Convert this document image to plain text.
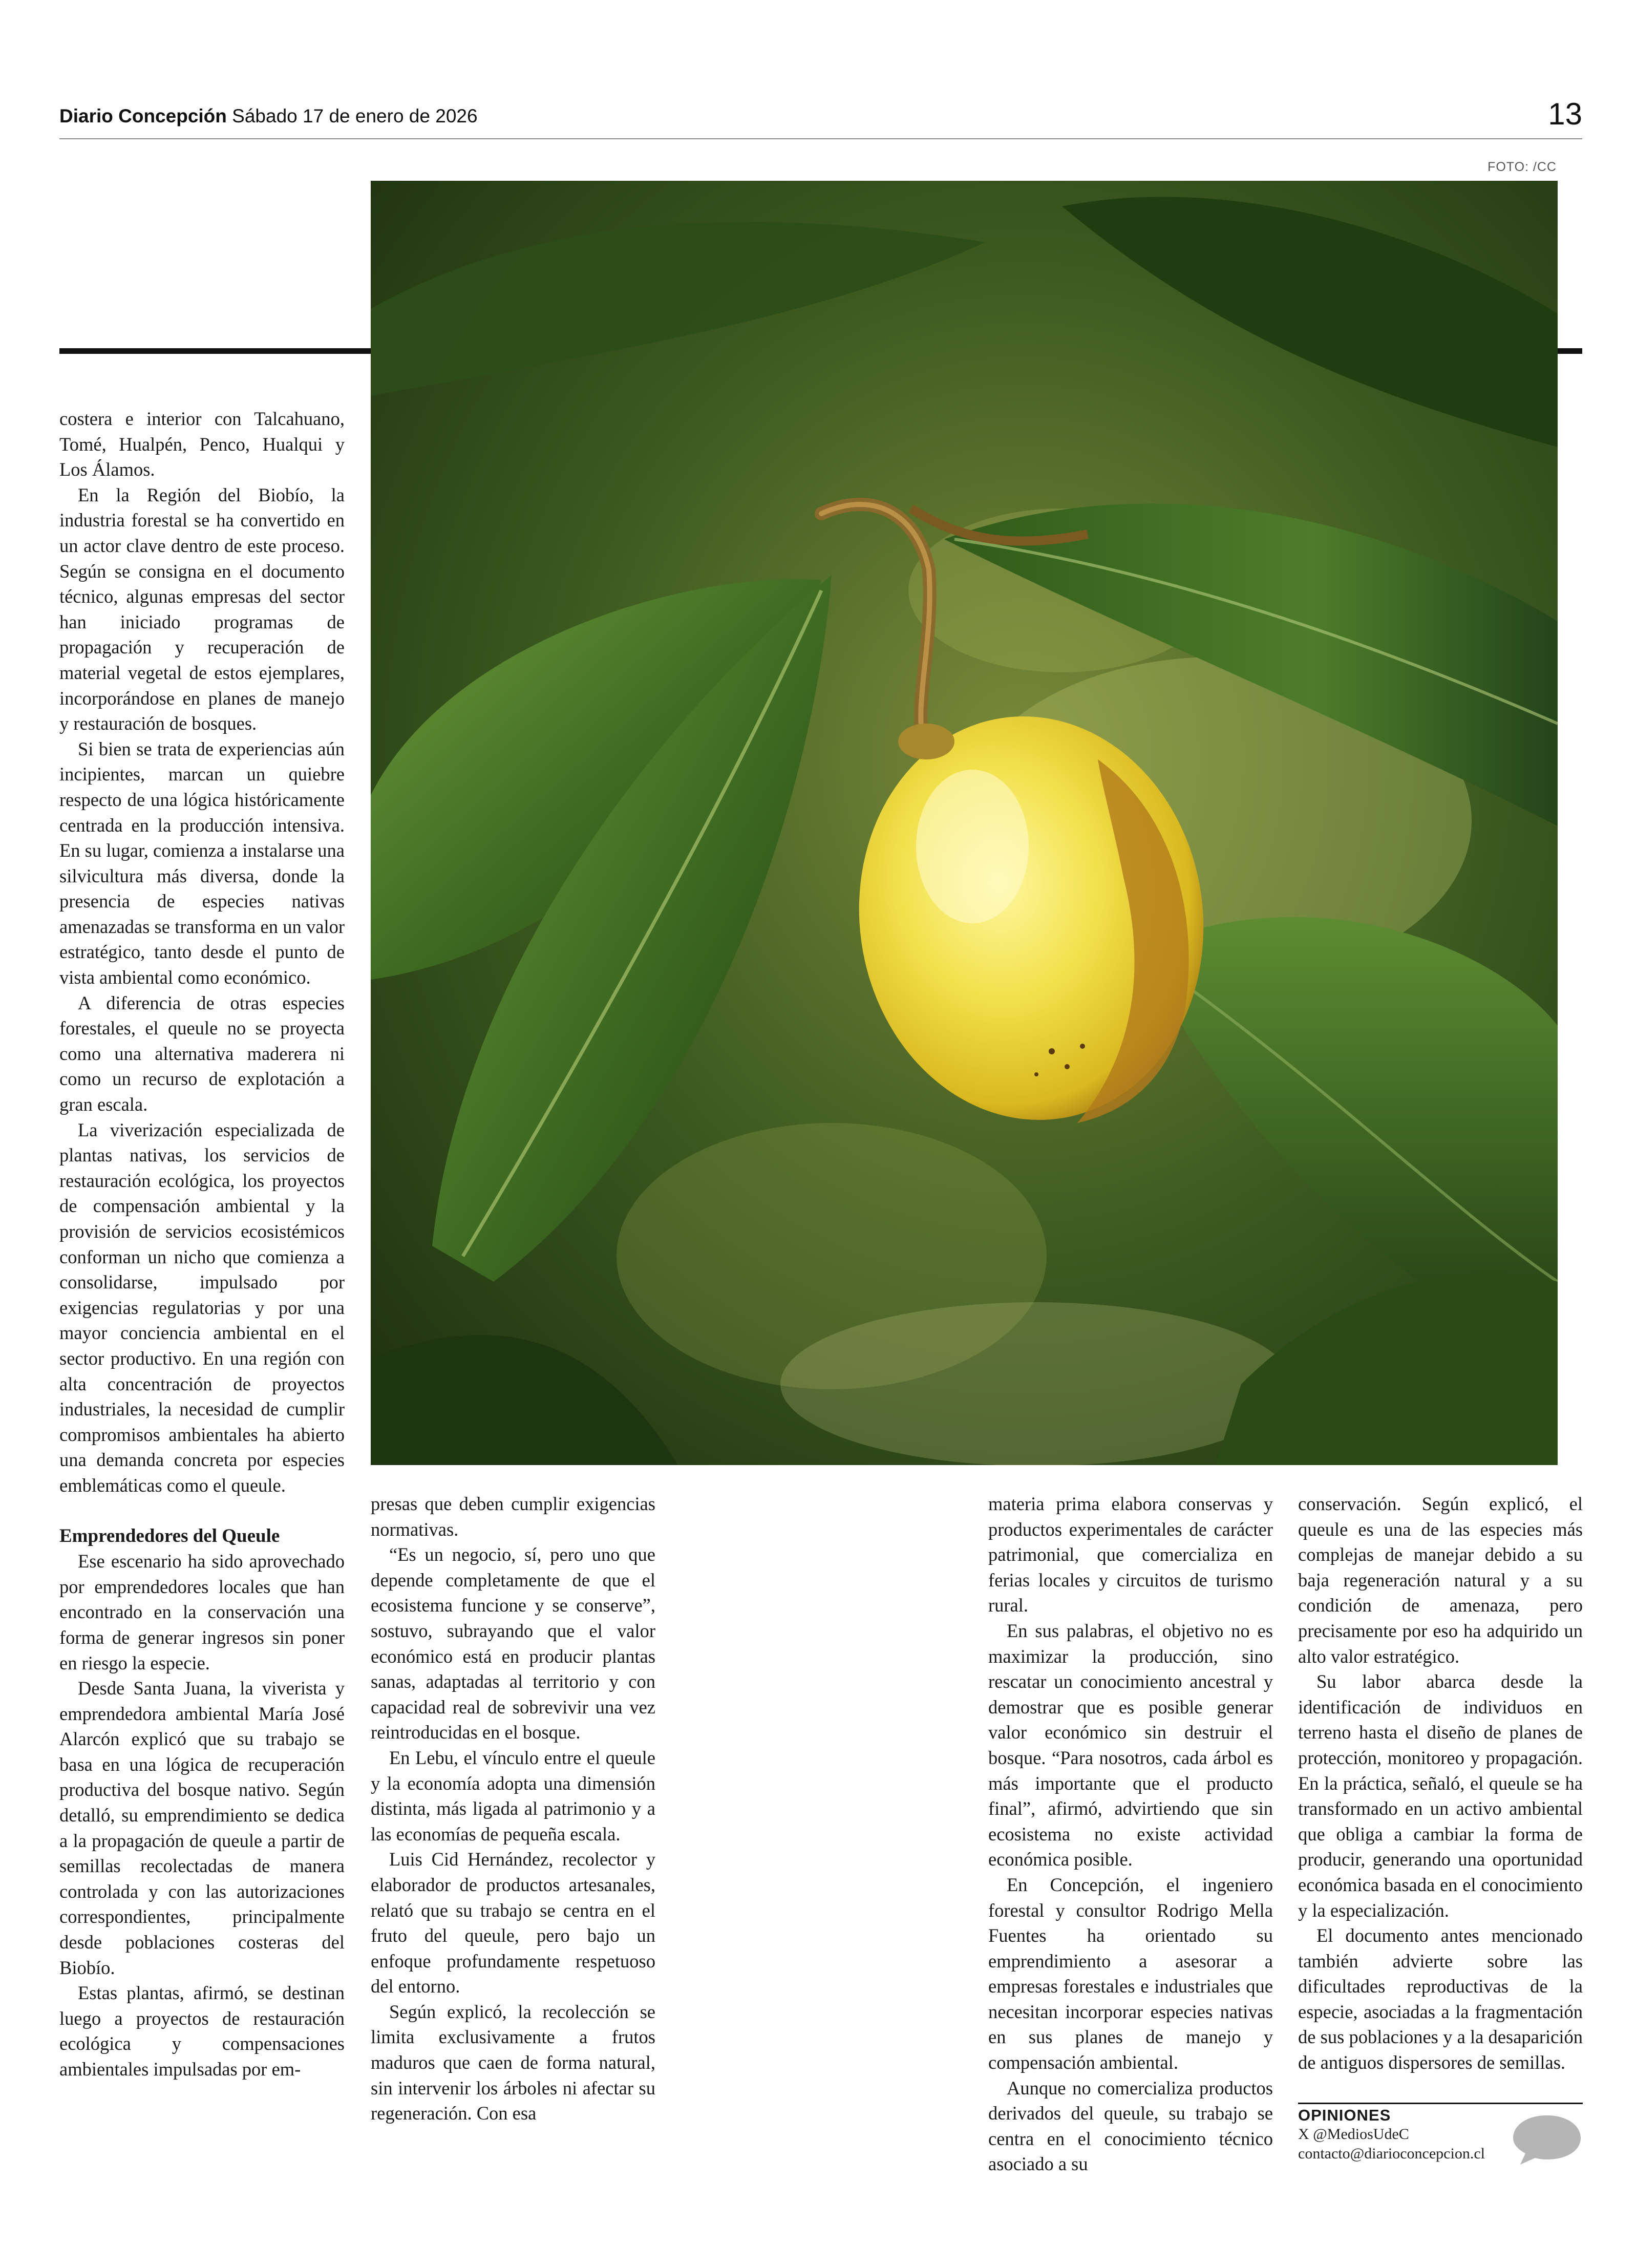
Diario Concepción Sábado 17 de enero de 2026	13
FOTO: /CC

costera e interior con Talcahuano, Tomé, Hualpén, Penco, Hualqui y Los Álamos.

En la Región del Biobío, la industria forestal se ha convertido en un actor clave dentro de este proceso. Según se consigna en el documento técnico, algunas empresas del sector han iniciado programas de propagación y recuperación de material vegetal de estos ejemplares, incorporándose en planes de manejo y restauración de bosques.

Si bien se trata de experiencias aún incipientes, marcan un quiebre respecto de una lógica históricamente centrada en la producción intensiva. En su lugar, comienza a instalarse una silvicultura más diversa, donde la presencia de especies nativas amenazadas se transforma en un valor estratégico, tanto desde el punto de vista ambiental como económico.

A diferencia de otras especies forestales, el queule no se proyecta como una alternativa maderera ni como un recurso de explotación a gran escala.

La viverización especializada de plantas nativas, los servicios de restauración ecológica, los proyectos de compensación ambiental y la provisión de servicios ecosistémicos conforman un nicho que comienza a consolidarse, impulsado por exigencias regulatorias y por una mayor conciencia ambiental en el sector productivo. En una región con alta concentración de proyectos industriales, la necesidad de cumplir compromisos ambientales ha abierto una demanda concreta por especies emblemáticas como el queule.

Emprendedores del Queule

Ese escenario ha sido aprovechado por emprendedores locales que han encontrado en la conservación una forma de generar ingresos sin poner en riesgo la especie.

Desde Santa Juana, la viverista y emprendedora ambiental María José Alarcón explicó que su trabajo se basa en una lógica de recuperación productiva del bosque nativo. Según detalló, su emprendimiento se dedica a la propagación de queule a partir de semillas recolectadas de manera controlada y con las autorizaciones correspondientes, principalmente desde poblaciones costeras del Biobío.

Estas plantas, afirmó, se destinan luego a proyectos de restauración ecológica y compensaciones ambientales impulsadas por em-

presas que deben cumplir exigencias normativas.

“Es un negocio, sí, pero uno que depende completamente de que el ecosistema funcione y se conserve”, sostuvo, subrayando que el valor económico está en producir plantas sanas, adaptadas al territorio y con capacidad real de sobrevivir una vez reintroducidas en el bosque.

En Lebu, el vínculo entre el queule y la economía adopta una dimensión distinta, más ligada al patrimonio y a las economías de pequeña escala.

Luis Cid Hernández, recolector y elaborador de productos artesanales, relató que su trabajo se centra en el fruto del queule, pero bajo un enfoque profundamente respetuoso del entorno.

Según explicó, la recolección se limita exclusivamente a frutos maduros que caen de forma natural, sin intervenir los árboles ni afectar su regeneración. Con esa

materia prima elabora conservas y productos experimentales de carácter patrimonial, que comercializa en ferias locales y circuitos de turismo rural.

En sus palabras, el objetivo no es maximizar la producción, sino rescatar un conocimiento ancestral y demostrar que es posible generar valor económico sin destruir el bosque. “Para nosotros, cada árbol es más importante que el producto final”, afirmó, advirtiendo que sin ecosistema no existe actividad económica posible.

En Concepción, el ingeniero forestal y consultor Rodrigo Mella Fuentes ha orientado su emprendimiento a asesorar a empresas forestales e industriales que necesitan incorporar especies nativas en sus planes de manejo y compensación ambiental.

Aunque no comercializa productos derivados del queule, su trabajo se centra en el conocimiento técnico asociado a su

conservación. Según explicó, el queule es una de las especies más complejas de manejar debido a su baja regeneración natural y a su condición de amenaza, pero precisamente por eso ha adquirido un alto valor estratégico.

Su labor abarca desde la identificación de individuos en terreno hasta el diseño de planes de protección, monitoreo y propagación. En la práctica, señaló, el queule se ha transformado en un activo ambiental que obliga a cambiar la forma de producir, generando una oportunidad económica basada en el conocimiento y la especialización.

El documento antes mencionado también advierte sobre las dificultades reproductivas de la especie, asociadas a la fragmentación de sus poblaciones y a la desaparición de antiguos dispersores de semillas.

OPINIONES
X @MediosUdeC
contacto@diarioconcepcion.cl
